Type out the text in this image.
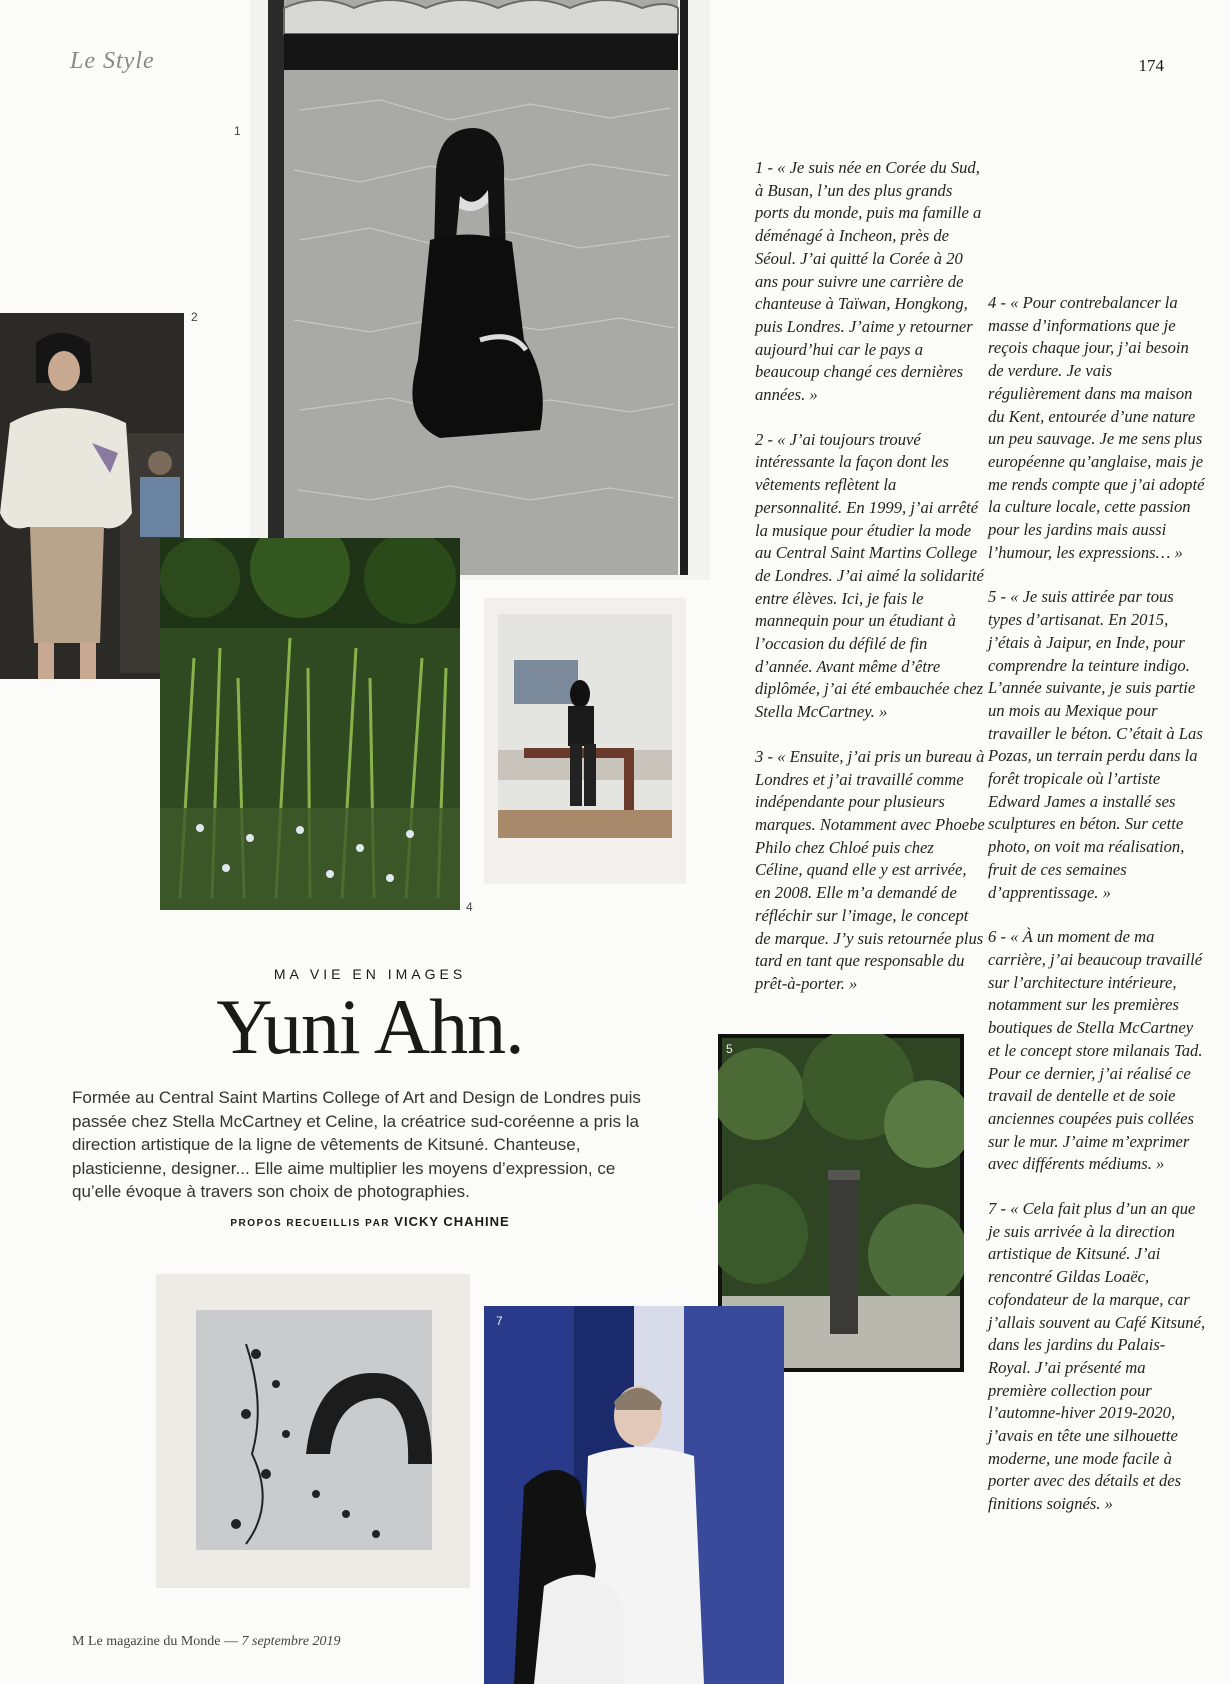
Le Style	174
1
2
4

1 - « Je suis née en Corée du Sud, à Busan, l’un des plus grands ports du monde, puis ma famille a déménagé à Incheon, près de Séoul. J’ai quitté la Corée à 20 ans pour suivre une carrière de chanteuse à Taïwan, Hongkong, puis Londres. J’aime y retourner aujourd’hui car le pays a beaucoup changé ces dernières années. »

2 - « J’ai toujours trouvé intéressante la façon dont les vêtements reflètent la personnalité. En 1999, j’ai arrêté la musique pour étudier la mode au Central Saint Martins College de Londres. J’ai aimé la solidarité entre élèves. Ici, je fais le mannequin pour un étudiant à l’occasion du défilé de fin d’année. Avant même d’être diplômée, j’ai été embauchée chez Stella McCartney. »

3 - « Ensuite, j’ai pris un bureau à Londres et j’ai travaillé comme indépendante pour plusieurs marques. Notamment avec Phoebe Philo chez Chloé puis chez Céline, quand elle y est arrivée, en 2008. Elle m’a demandé de réfléchir sur l’image, le concept de marque. J’y suis retournée plus tard en tant que responsable du prêt-à-porter. »

4 - « Pour contrebalancer la masse d’informations que je reçois chaque jour, j’ai besoin de verdure. Je vais régulièrement dans ma maison du Kent, entourée d’une nature un peu sauvage. Je me sens plus européenne qu’anglaise, mais je me rends compte que j’ai adopté la culture locale, cette passion pour les jardins mais aussi l’humour, les expressions… »

5 - « Je suis attirée par tous types d’artisanat. En 2015, j’étais à Jaipur, en Inde, pour comprendre la teinture indigo. L’année suivante, je suis partie un mois au Mexique pour travailler le béton. C’était à Las Pozas, un terrain perdu dans la forêt tropicale où l’artiste Edward James a installé ses sculptures en béton. Sur cette photo, on voit ma réalisation, fruit de ces semaines d’apprentissage. »

6 - « À un moment de ma carrière, j’ai beaucoup travaillé sur l’architecture intérieure, notamment sur les premières boutiques de Stella McCartney et le concept store milanais Tad. Pour ce dernier, j’ai réalisé ce travail de dentelle et de soie anciennes coupées puis collées sur le mur. J’aime m’exprimer avec différents médiums. »

7 - « Cela fait plus d’un an que je suis arrivée à la direction artistique de Kitsuné. J’ai rencontré Gildas Loaëc, cofondateur de la marque, car j’allais souvent au Café Kitsuné, dans les jardins du Palais-Royal. J’ai présenté ma première collection pour l’automne-hiver 2019-2020, j’avais en tête une silhouette moderne, une mode facile à porter avec des détails et des finitions soignés. »

5
MA VIE EN IMAGES
Yuni Ahn.
Formée au Central Saint Martins College of Art and Design de Londres puis passée chez Stella McCartney et Celine, la créatrice sud-coréenne a pris la direction artistique de la ligne de vêtements de Kitsuné. Chanteuse, plasticienne, designer... Elle aime multiplier les moyens d’expression, ce qu’elle évoque à travers son choix de photographies.
PROPOS RECUEILLIS PAR VICKY CHAHINE
7
M Le magazine du Monde — 7 septembre 2019
